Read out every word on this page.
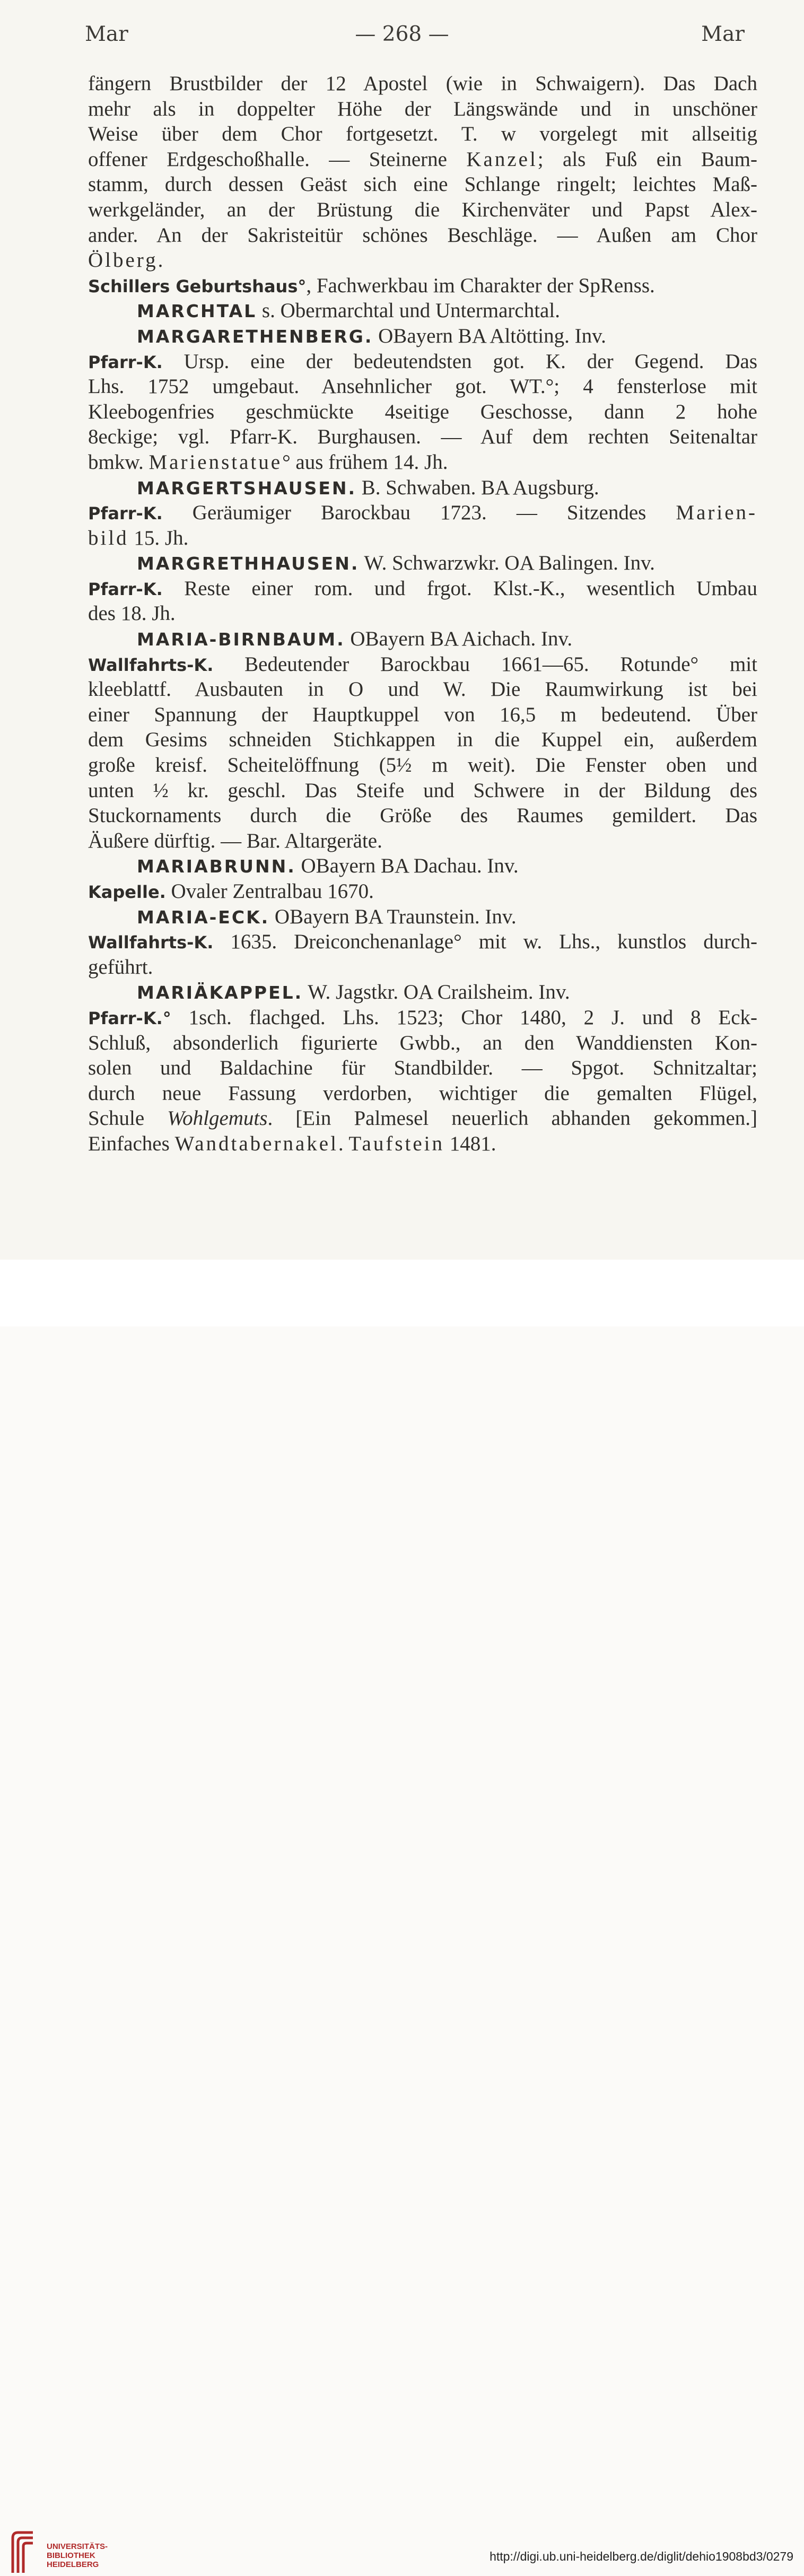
Mar	— 268 —	Mar
fängern Brustbilder der 12 Apostel (wie in Schwaigern). Das Dach
mehr als in doppelter Höhe der Längswände und in unschöner
Weise über dem Chor fortgesetzt. T. w vorgelegt mit allseitig
offener Erdgeschoßhalle. — Steinerne Kanzel; als Fuß ein Baum-
stamm, durch dessen Geäst sich eine Schlange ringelt; leichtes Maß-
werkgeländer, an der Brüstung die Kirchenväter und Papst Alex-
ander. An der Sakristeitür schönes Beschläge. — Außen am Chor
Ölberg.
Schillers Geburtshaus°, Fachwerkbau im Charakter der SpRenss.
MARCHTAL s. Obermarchtal und Untermarchtal.
MARGARETHENBERG. OBayern BA Altötting. Inv.
Pfarr-K. Ursp. eine der bedeutendsten got. K. der Gegend. Das
Lhs. 1752 umgebaut. Ansehnlicher got. WT.°; 4 fensterlose mit
Kleebogenfries geschmückte 4seitige Geschosse, dann 2 hohe
8eckige; vgl. Pfarr-K. Burghausen. — Auf dem rechten Seitenaltar
bmkw. Marienstatue° aus frühem 14. Jh.
MARGERTSHAUSEN. B. Schwaben. BA Augsburg.
Pfarr-K. Geräumiger Barockbau 1723. — Sitzendes Marien-
bild 15. Jh.
MARGRETHHAUSEN. W. Schwarzwkr. OA Balingen. Inv.
Pfarr-K. Reste einer rom. und frgot. Klst.-K., wesentlich Umbau
des 18. Jh.
MARIA-BIRNBAUM. OBayern BA Aichach. Inv.
Wallfahrts-K. Bedeutender Barockbau 1661—65. Rotunde° mit
kleeblattf. Ausbauten in O und W. Die Raumwirkung ist bei
einer Spannung der Hauptkuppel von 16,5 m bedeutend. Über
dem Gesims schneiden Stichkappen in die Kuppel ein, außerdem
große kreisf. Scheitelöffnung (5½ m weit). Die Fenster oben und
unten ½ kr. geschl. Das Steife und Schwere in der Bildung des
Stuckornaments durch die Größe des Raumes gemildert. Das
Äußere dürftig. — Bar. Altargeräte.
MARIABRUNN. OBayern BA Dachau. Inv.
Kapelle. Ovaler Zentralbau 1670.
MARIA-ECK. OBayern BA Traunstein. Inv.
Wallfahrts-K. 1635. Dreiconchenanlage° mit w. Lhs., kunstlos durch-
geführt.
MARIÄKAPPEL. W. Jagstkr. OA Crailsheim. Inv.
Pfarr-K.° 1sch. flachged. Lhs. 1523; Chor 1480, 2 J. und 8 Eck-
Schluß, absonderlich figurierte Gwbb., an den Wanddiensten Kon-
solen und Baldachine für Standbilder. — Spgot. Schnitzaltar;
durch neue Fassung verdorben, wichtiger die gemalten Flügel,
Schule Wohlgemuts. [Ein Palmesel neuerlich abhanden gekommen.]
Einfaches Wandtabernakel. Taufstein 1481.
UNIVERSITÄTS-
BIBLIOTHEK
HEIDELBERG
http://digi.ub.uni-heidelberg.de/diglit/dehio1908bd3/0279
